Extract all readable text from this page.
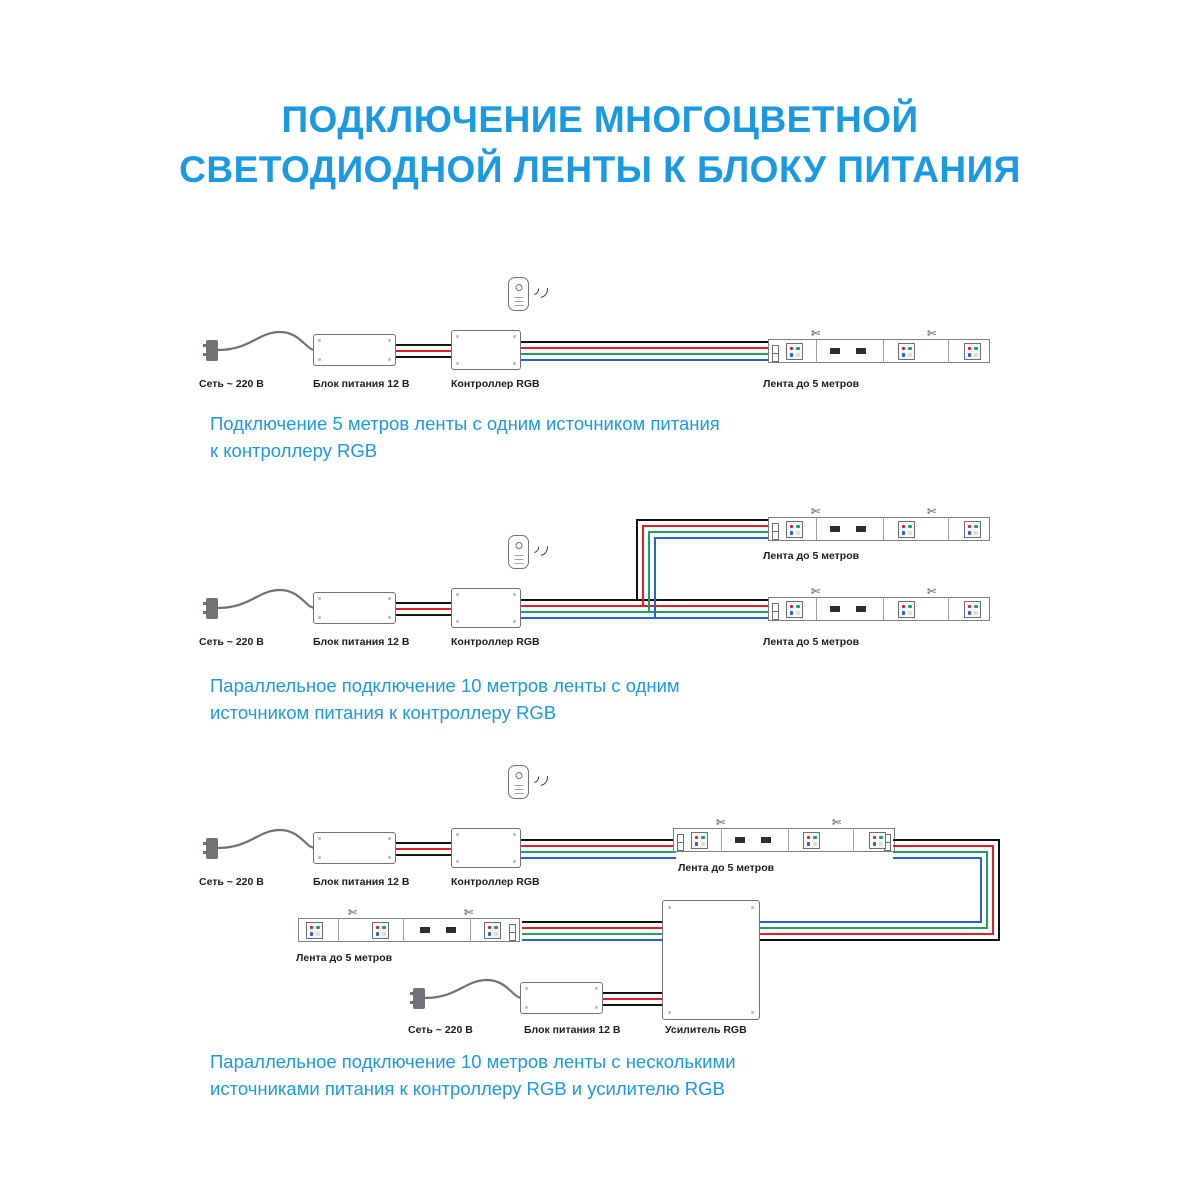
ПОДКЛЮЧЕНИЕ МНОГОЦВЕТНОЙ
СВЕТОДИОДНОЙ ЛЕНТЫ К БЛОКУ ПИТАНИЯ
✄	✄
Сеть ~ 220 В	Блок питания 12 В	Контроллер RGB	Лента до 5 метров
Подключение 5 метров ленты с одним источником питания
к контроллеру RGB
✄	✄
Лента до 5 метров
✄	✄
Сеть ~ 220 В	Блок питания 12 В	Контроллер RGB	Лента до 5 метров
Параллельное подключение 10 метров ленты с одним
источником питания к контроллеру RGB
✄	✄
Лента до 5 метров
✄	✄
Лента до 5 метров
Сеть ~ 220 В	Блок питания 12 В	Контроллер RGB
Сеть ~ 220 В	Блок питания 12 В	Усилитель RGB
Параллельное подключение 10 метров ленты с несколькими
источниками питания к контроллеру RGB и усилителю RGB
